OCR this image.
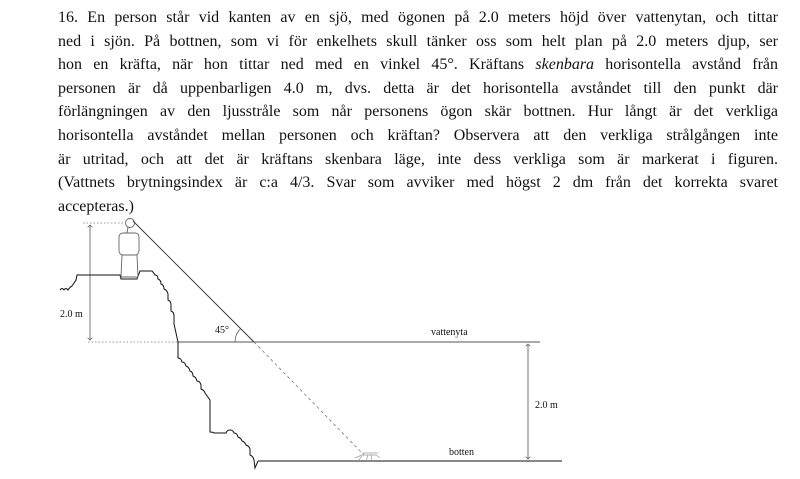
16. En person står vid kanten av en sjö, med ögonen på 2.0 meters höjd över vattenytan, och tittar
ned i sjön. På bottnen, som vi för enkelhets skull tänker oss som helt plan på 2.0 meters djup, ser
hon en kräfta, när hon tittar ned med en vinkel 45°. Kräftans skenbara horisontella avstånd från
personen är då uppenbarligen 4.0 m, dvs. detta är det horisontella avståndet till den punkt där
förlängningen av den ljusstråle som når personens ögon skär bottnen. Hur långt är det verkliga
horisontella avståndet mellan personen och kräftan? Observera att den verkliga strålgången inte
är utritad, och att det är kräftans skenbara läge, inte dess verkliga som är markerat i figuren.
(Vattnets brytningsindex är c:a 4/3. Svar som avviker med högst 2 dm från det korrekta svaret
accepteras.)
2.0 m
45°	vattenyta
2.0 m
botten
